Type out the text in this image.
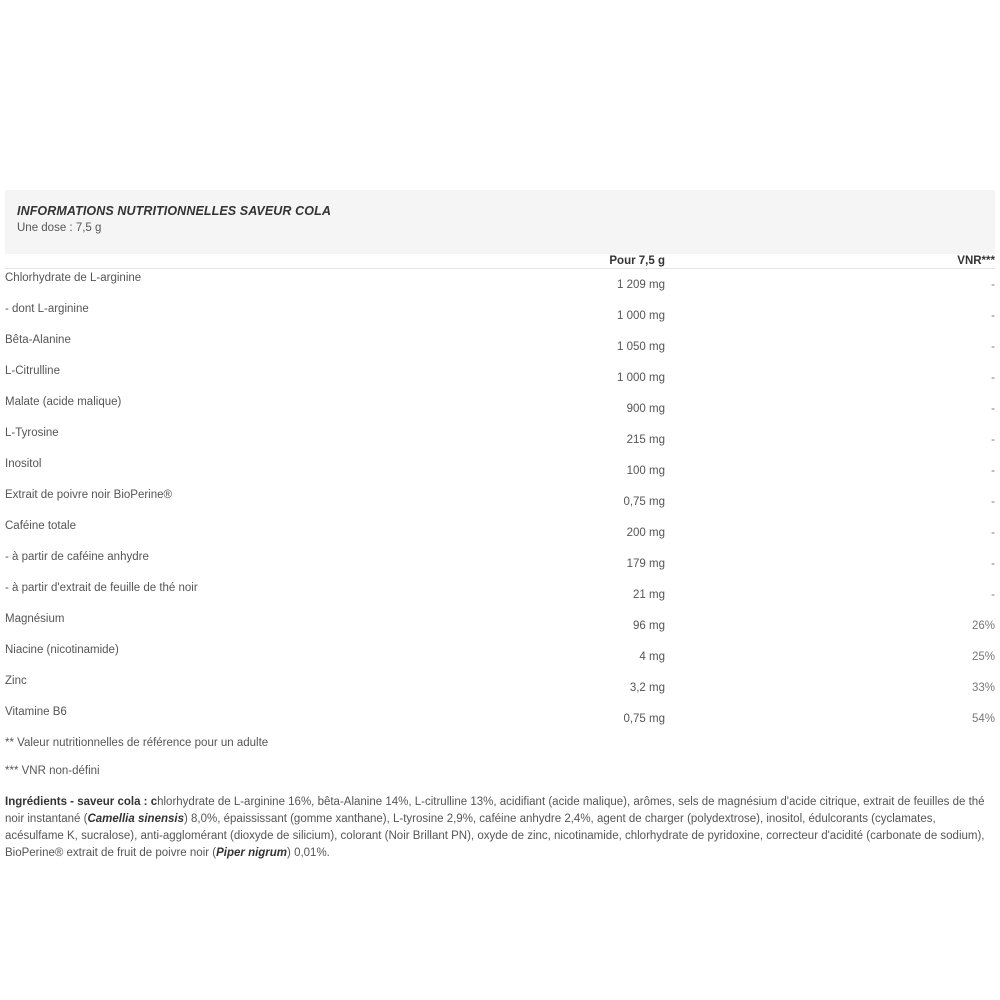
INFORMATIONS NUTRITIONNELLES SAVEUR COLA
Une dose : 7,5 g
	Pour 7,5 g	VNR***

Chlorhydrate de L-arginine	1 209 mg	-
- dont L-arginine	1 000 mg	-
Bêta-Alanine	1 050 mg	-
L-Citrulline	1 000 mg	-
Malate (acide malique)	900 mg	-
L-Tyrosine	215 mg	-
Inositol	100 mg	-
Extrait de poivre noir BioPerine®	0,75 mg	-
Caféine totale	200 mg	-
- à partir de caféine anhydre	179 mg	-
- à partir d'extrait de feuille de thé noir	21 mg	-
Magnésium	96 mg	26%
Niacine (nicotinamide)	4 mg	25%
Zinc	3,2 mg	33%
Vitamine B6	0,75 mg	54%
** Valeur nutritionnelles de référence pour un adulte
*** VNR non-défini
Ingrédients - saveur cola : chlorhydrate de L-arginine 16%, bêta-Alanine 14%, L-citrulline 13%, acidifiant (acide malique), arômes, sels de magnésium d'acide citrique, extrait de feuilles de thé noir instantané (Camellia sinensis) 8,0%, épaississant (gomme xanthane), L-tyrosine 2,9%, caféine anhydre 2,4%, agent de charger (polydextrose), inositol, édulcorants (cyclamates, acésulfame K, sucralose), anti-agglomérant (dioxyde de silicium), colorant (Noir Brillant PN), oxyde de zinc, nicotinamide, chlorhydrate de pyridoxine, correcteur d'acidité (carbonate de sodium), BioPerine® extrait de fruit de poivre noir (Piper nigrum) 0,01%.
